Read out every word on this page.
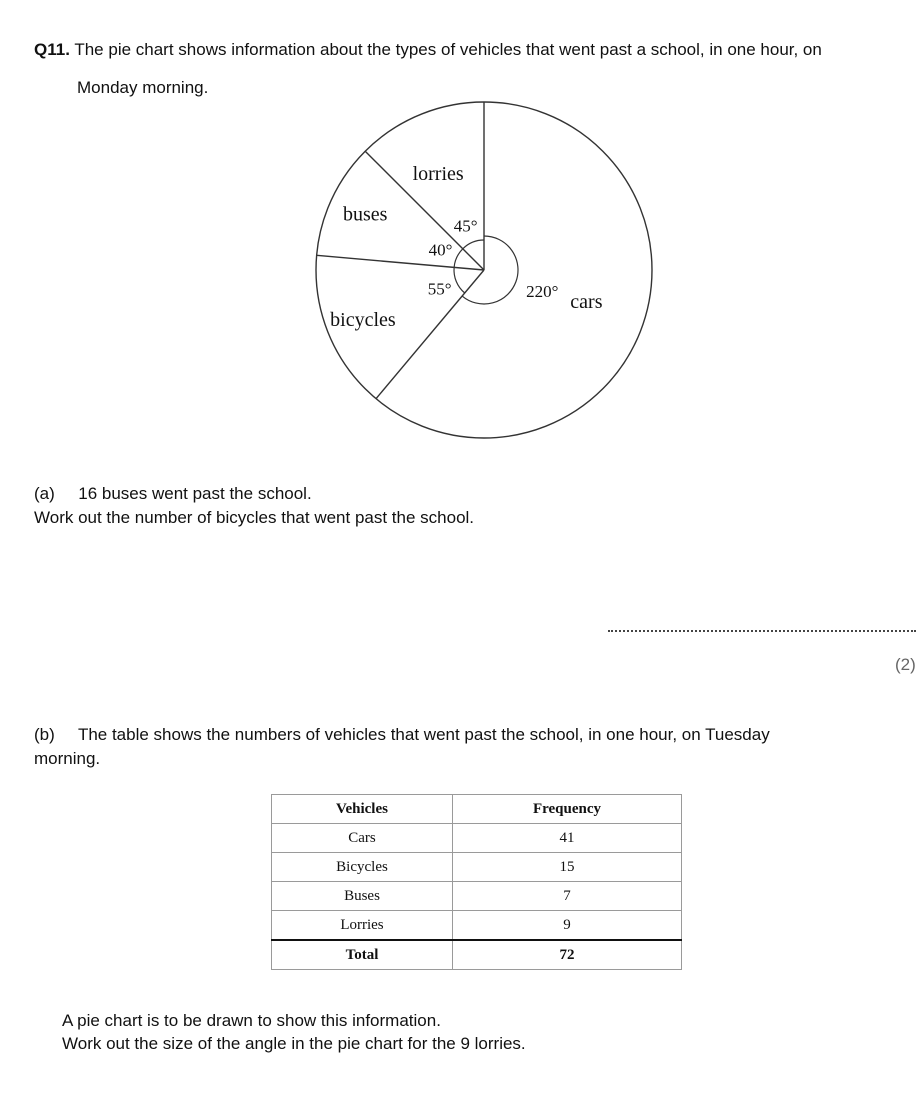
Q11. The pie chart shows information about the types of vehicles that went past a school, in one hour, on
Monday morning.
lorries
buses
bicycles
cars
45°
40°
55°	220°
(a) 16 buses went past the school.
Work out the number of bicycles that went past the school.
(2)
(b) The table shows the numbers of vehicles that went past the school, in one hour, on Tuesday
morning.
Vehicles	Frequency
Cars	41
Bicycles	15
Buses	7
Lorries	9
Total	72
A pie chart is to be drawn to show this information.
Work out the size of the angle in the pie chart for the 9 lorries.
